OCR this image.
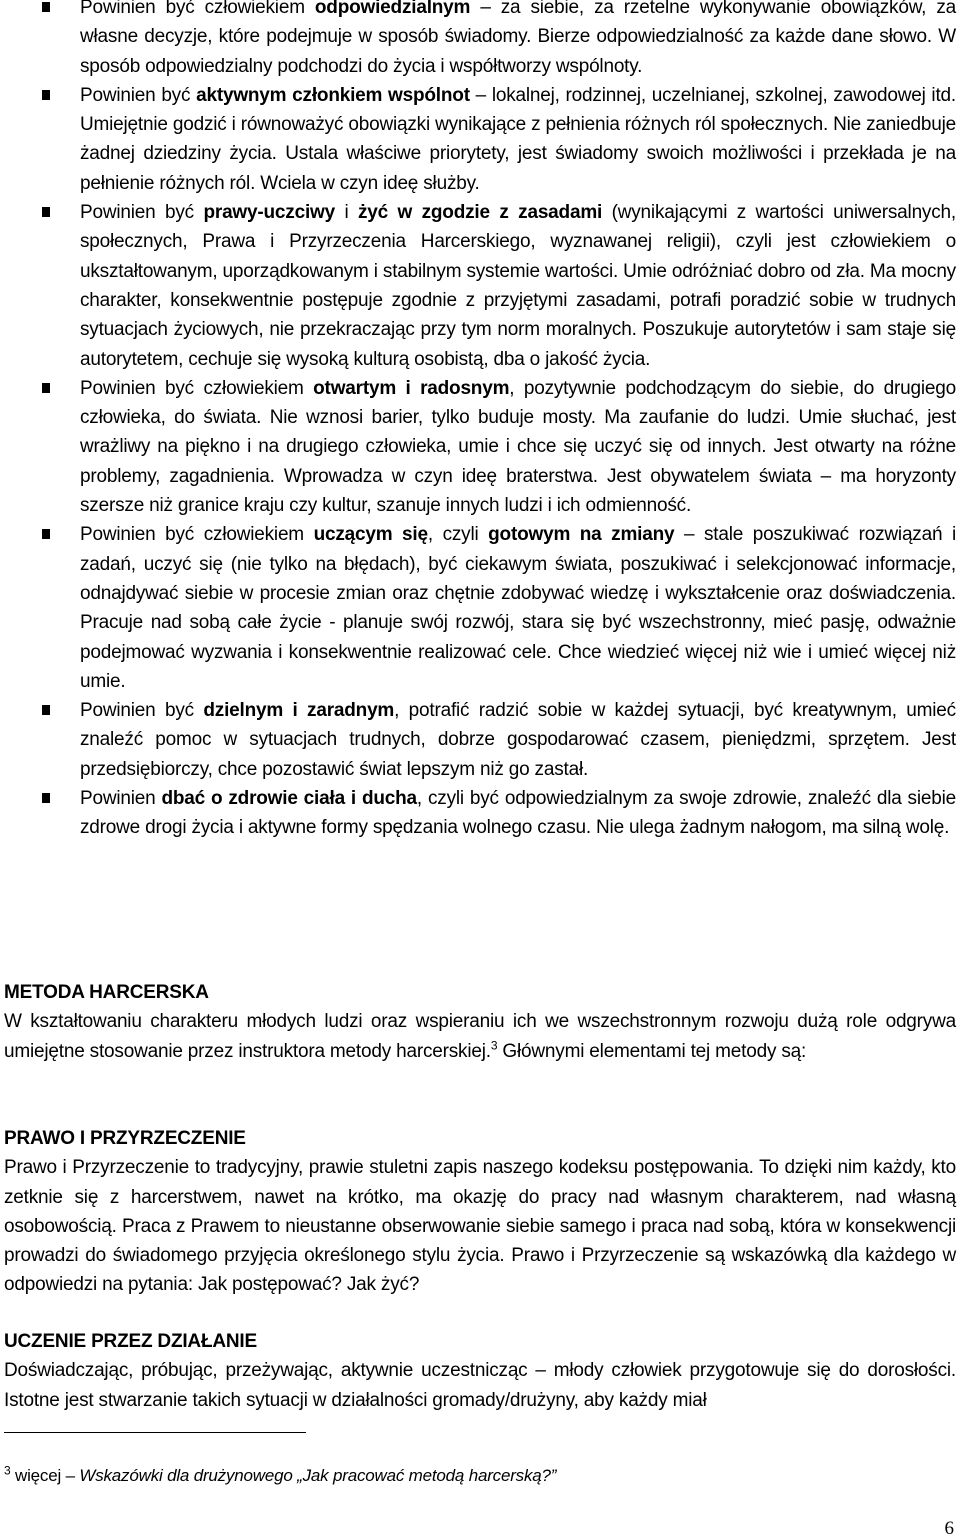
Powinien być człowiekiem odpowiedzialnym – za siebie, za rzetelne wykonywanie obowiązków, za własne decyzje, które podejmuje w sposób świadomy. Bierze odpowiedzialność za każde dane słowo. W sposób odpowiedzialny podchodzi do życia i współtworzy wspólnoty.
Powinien być aktywnym członkiem wspólnot – lokalnej, rodzinnej, uczelnianej, szkolnej, zawodowej itd. Umiejętnie godzić i równoważyć obowiązki wynikające z pełnienia różnych ról społecznych. Nie zaniedbuje żadnej dziedziny życia. Ustala właściwe priorytety, jest świadomy swoich możliwości i przekłada je na pełnienie różnych ról. Wciela w czyn ideę służby.
Powinien być prawy-uczciwy i żyć w zgodzie z zasadami (wynikającymi z wartości uniwersalnych, społecznych, Prawa i Przyrzeczenia Harcerskiego, wyznawanej religii), czyli jest człowiekiem o ukształtowanym, uporządkowanym i stabilnym systemie wartości. Umie odróżniać dobro od zła. Ma mocny charakter, konsekwentnie postępuje zgodnie z przyjętymi zasadami, potrafi poradzić sobie w trudnych sytuacjach życiowych, nie przekraczając przy tym norm moralnych. Poszukuje autorytetów i sam staje się autorytetem, cechuje się wysoką kulturą osobistą, dba o jakość życia.
Powinien być człowiekiem otwartym i radosnym, pozytywnie podchodzącym do siebie, do drugiego człowieka, do świata. Nie wznosi barier, tylko buduje mosty. Ma zaufanie do ludzi. Umie słuchać, jest wrażliwy na piękno i na drugiego człowieka, umie i chce się uczyć się od innych. Jest otwarty na różne problemy, zagadnienia. Wprowadza w czyn ideę braterstwa. Jest obywatelem świata – ma horyzonty szersze niż granice kraju czy kultur, szanuje innych ludzi i ich odmienność.
Powinien być człowiekiem uczącym się, czyli gotowym na zmiany – stale poszukiwać rozwiązań i zadań, uczyć się (nie tylko na błędach), być ciekawym świata, poszukiwać i selekcjonować informacje, odnajdywać siebie w procesie zmian oraz chętnie zdobywać wiedzę i wykształcenie oraz doświadczenia. Pracuje nad sobą całe życie - planuje swój rozwój, stara się być wszechstronny, mieć pasję, odważnie podejmować wyzwania i konsekwentnie realizować cele. Chce wiedzieć więcej niż wie i umieć więcej niż umie.
Powinien być dzielnym i zaradnym, potrafić radzić sobie w każdej sytuacji, być kreatywnym, umieć znaleźć pomoc w sytuacjach trudnych, dobrze gospodarować czasem, pieniędzmi, sprzętem. Jest przedsiębiorczy, chce pozostawić świat lepszym niż go zastał.
Powinien dbać o zdrowie ciała i ducha, czyli być odpowiedzialnym za swoje zdrowie, znaleźć dla siebie zdrowe drogi życia i aktywne formy spędzania wolnego czasu. Nie ulega żadnym nałogom, ma silną wolę.
METODA HARCERSKA
W kształtowaniu charakteru młodych ludzi oraz wspieraniu ich we wszechstronnym rozwoju dużą role odgrywa umiejętne stosowanie przez instruktora metody harcerskiej.$^3$ Głównymi elementami tej metody są:
PRAWO I PRZYRZECZENIE
Prawo i Przyrzeczenie to tradycyjny, prawie stuletni zapis naszego kodeksu postępowania. To dzięki nim każdy, kto zetknie się z harcerstwem, nawet na krótko, ma okazję do pracy nad własnym charakterem, nad własną osobowością. Praca z Prawem to nieustanne obserwowanie siebie samego i praca nad sobą, która w konsekwencji prowadzi do świadomego przyjęcia określonego stylu życia. Prawo i Przyrzeczenie są wskazówką dla każdego w odpowiedzi na pytania: Jak postępować? Jak żyć?
UCZENIE PRZEZ DZIAŁANIE
Doświadczając, próbując, przeżywając, aktywnie uczestnicząc – młody człowiek przygotowuje się do dorosłości. Istotne jest stwarzanie takich sytuacji w działalności gromady/drużyny, aby każdy miał
$^3$ więcej – Wskazówki dla drużynowego „Jak pracować metodą harcerską?”
6
